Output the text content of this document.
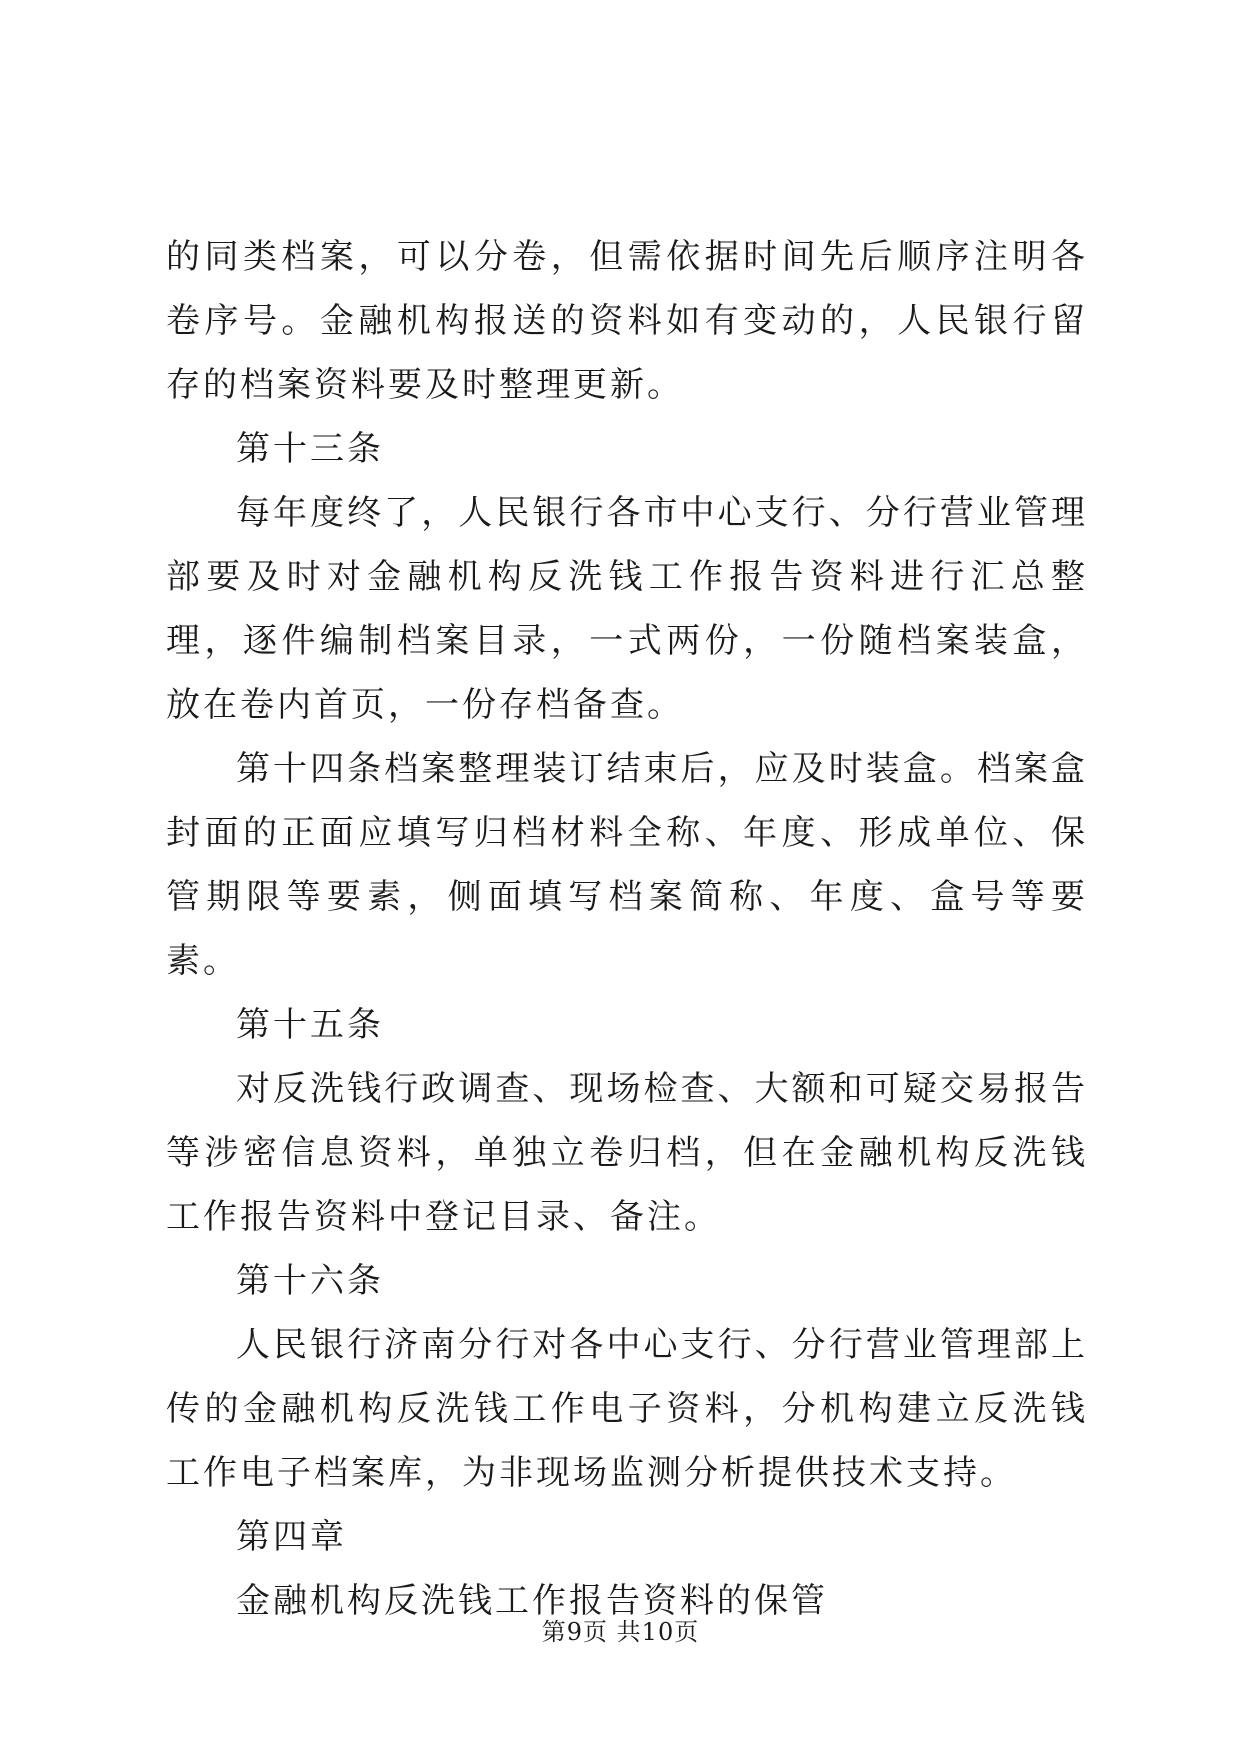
的同类档案，可以分卷，但需依据时间先后顺序注明各卷序号。金融机构报送的资料如有变动的，人民银行留存的档案资料要及时整理更新。

第十三条

每年度终了，人民银行各市中心支行、分行营业管理部要及时对金融机构反洗钱工作报告资料进行汇总整理，逐件编制档案目录，一式两份，一份随档案装盒，放在卷内首页，一份存档备查。

第十四条档案整理装订结束后，应及时装盒。档案盒封面的正面应填写归档材料全称、年度、形成单位、保管期限等要素，侧面填写档案简称、年度、盒号等要素。

第十五条

对反洗钱行政调查、现场检查、大额和可疑交易报告等涉密信息资料，单独立卷归档，但在金融机构反洗钱工作报告资料中登记目录、备注。

第十六条

人民银行济南分行对各中心支行、分行营业管理部上传的金融机构反洗钱工作电子资料，分机构建立反洗钱工作电子档案库，为非现场监测分析提供技术支持。

第四章

金融机构反洗钱工作报告资料的保管

第9页 共10页
